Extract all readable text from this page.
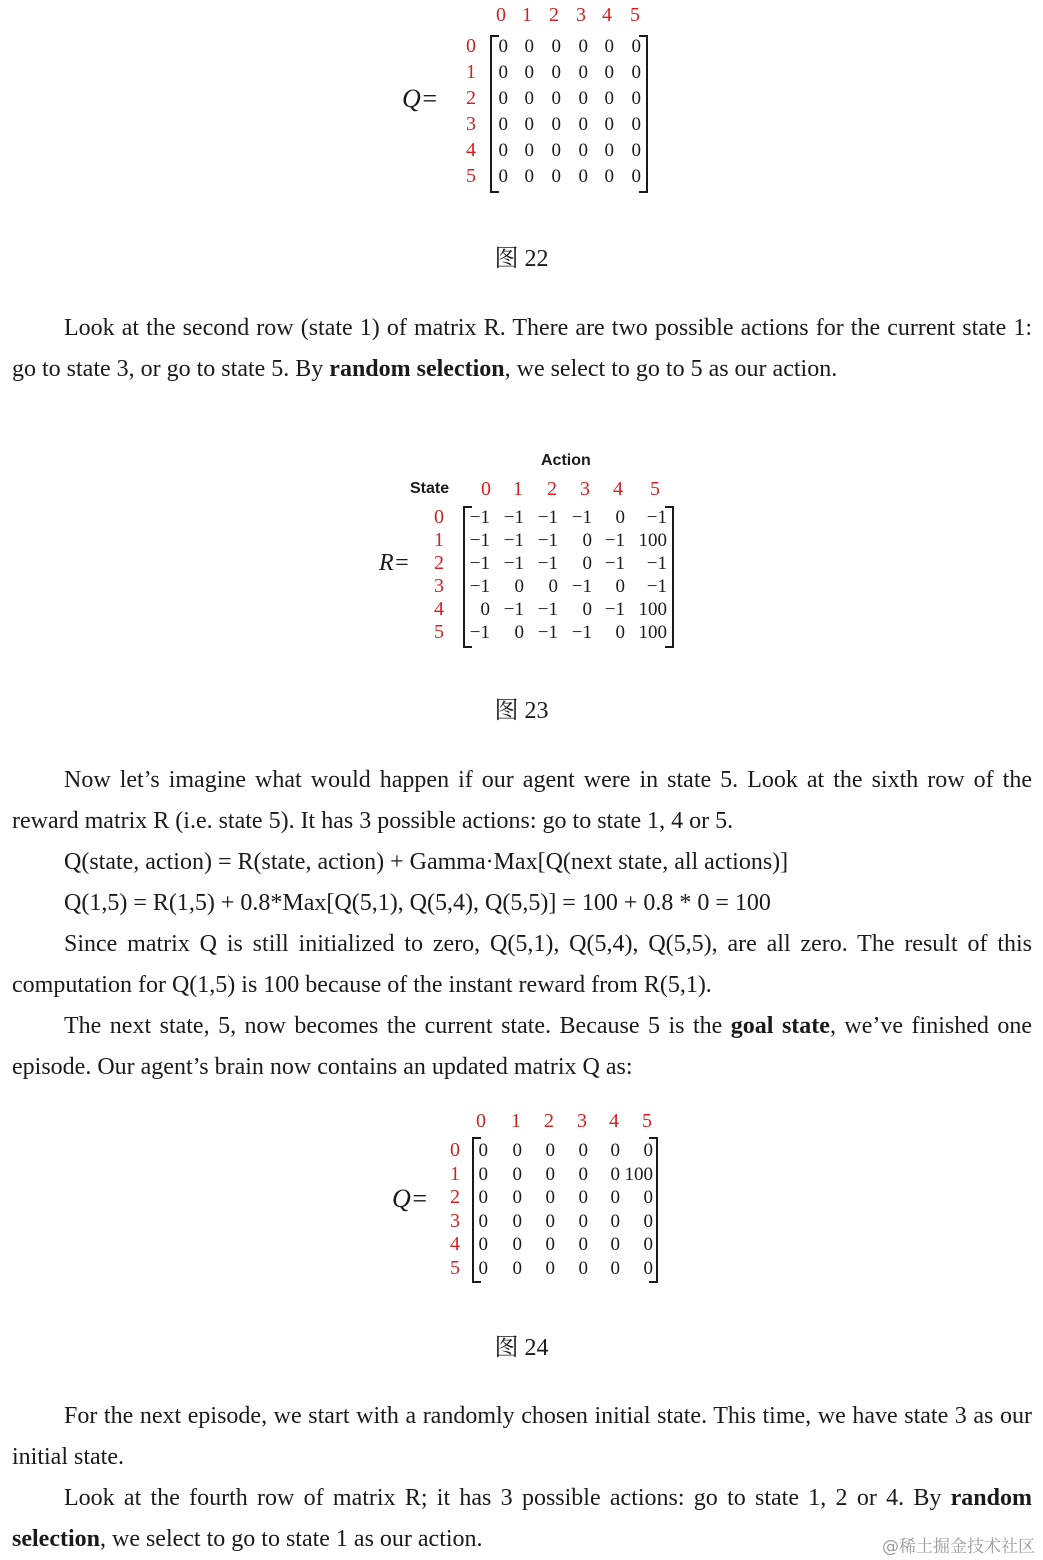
Q=
0 1 2 3 4 5
0
1
2
3
4
5
0 0 0 0 0 0
0 0 0 0 0 0
0 0 0 0 0 0
0 0 0 0 0 0
0 0 0 0 0 0
0 0 0 0 0 0
图 22

Look at the second row (state 1) of matrix R. There are two possible actions for the current state 1: go to state 3, or go to state 5. By random selection, we select to go to 5 as our action.

Action
State
R=
0 1 2 3 4 5
0
1
2
3
4
5
−1 −1 −1 −1	0	−1
−1 −1 −1	0 −1 100
−1 −1 −1	0 −1	−1
−1	0	0 −1	0	−1
0 −1 −1	0 −1 100
−1	0 −1 −1	0 100
图 23

Now let’s imagine what would happen if our agent were in state 5. Look at the sixth row of the reward matrix R (i.e. state 5). It has 3 possible actions: go to state 1, 4 or 5.

Q(state, action) = R(state, action) + Gamma·Max[Q(next state, all actions)]

Q(1,5) = R(1,5) + 0.8*Max[Q(5,1), Q(5,4), Q(5,5)] = 100 + 0.8 * 0 = 100

Since matrix Q is still initialized to zero, Q(5,1), Q(5,4), Q(5,5), are all zero. The result of this computation for Q(1,5) is 100 because of the instant reward from R(5,1).

The next state, 5, now becomes the current state. Because 5 is the goal state, we’ve finished one episode. Our agent’s brain now contains an updated matrix Q as:

Q=
0 1 2 3 4 5
0
1
2
3
4
5
0	0	0	0	0	0
0	0	0	0	0 100
0	0	0	0	0	0
0	0	0	0	0	0
0	0	0	0	0	0
0	0	0	0	0	0
图 24

For the next episode, we start with a randomly chosen initial state. This time, we have state 3 as our initial state.

Look at the fourth row of matrix R; it has 3 possible actions: go to state 1, 2 or 4. By random selection, we select to go to state 1 as our action.	@稀土掘金技术社区
